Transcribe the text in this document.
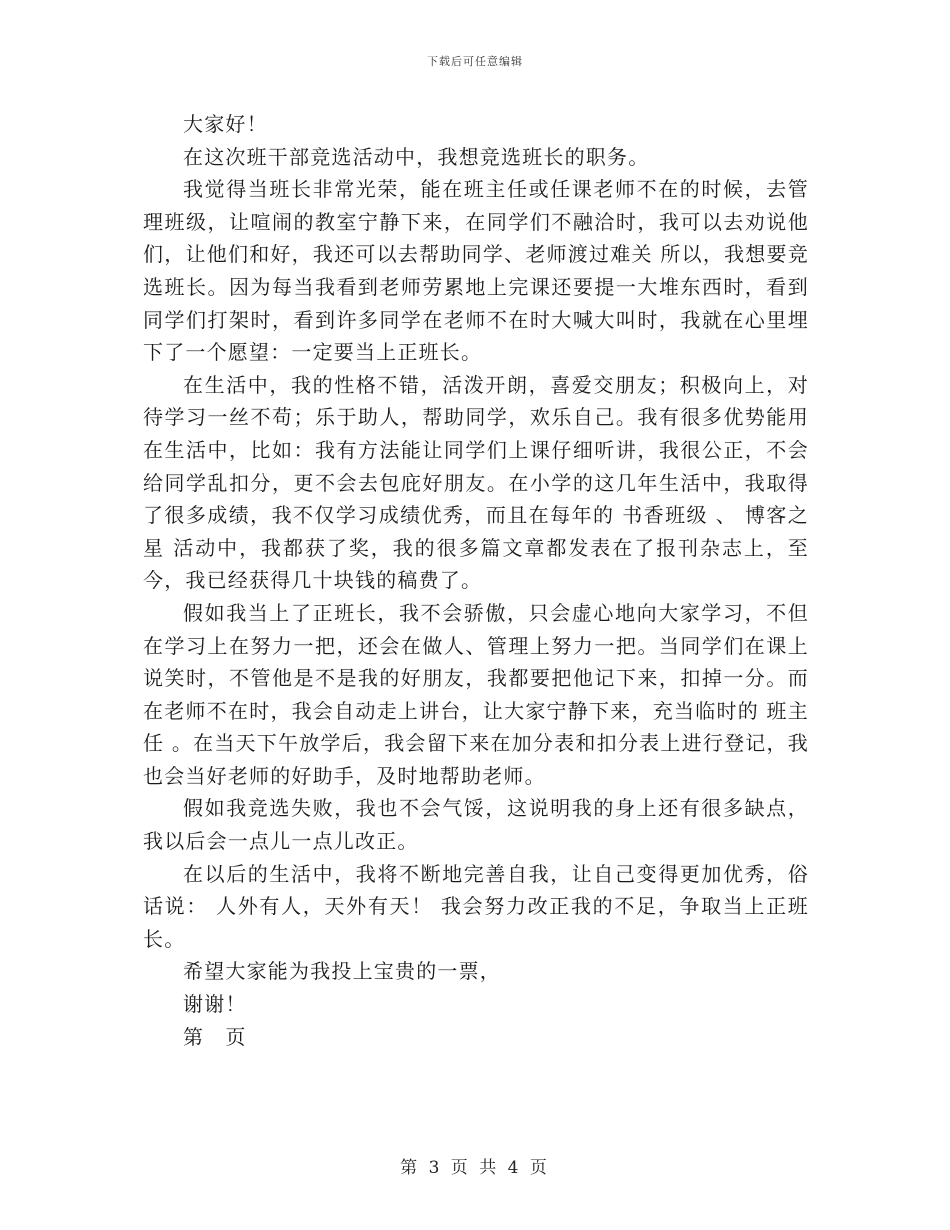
下载后可任意编辑

大家好！

在这次班干部竞选活动中，我想竞选班长的职务。

我觉得当班长非常光荣，能在班主任或任课老师不在的时候，去管理班级，让喧闹的教室宁静下来，在同学们不融洽时，我可以去劝说他们，让他们和好，我还可以去帮助同学、老师渡过难关 所以，我想要竞选班长。因为每当我看到老师劳累地上完课还要提一大堆东西时，看到同学们打架时，看到许多同学在老师不在时大喊大叫时，我就在心里埋下了一个愿望：一定要当上正班长。

在生活中，我的性格不错，活泼开朗，喜爱交朋友；积极向上，对待学习一丝不苟；乐于助人，帮助同学，欢乐自己。我有很多优势能用在生活中，比如：我有方法能让同学们上课仔细听讲，我很公正，不会给同学乱扣分，更不会去包庇好朋友。在小学的这几年生活中，我取得了很多成绩，我不仅学习成绩优秀，而且在每年的 书香班级 、 博客之星 活动中，我都获了奖，我的很多篇文章都发表在了报刊杂志上，至今，我已经获得几十块钱的稿费了。

假如我当上了正班长，我不会骄傲，只会虚心地向大家学习，不但在学习上在努力一把，还会在做人、管理上努力一把。当同学们在课上说笑时，不管他是不是我的好朋友，我都要把他记下来，扣掉一分。而在老师不在时，我会自动走上讲台，让大家宁静下来，充当临时的 班主任 。在当天下午放学后，我会留下来在加分表和扣分表上进行登记，我也会当好老师的好助手，及时地帮助老师。

假如我竞选失败，我也不会气馁，这说明我的身上还有很多缺点，我以后会一点儿一点儿改正。

在以后的生活中，我将不断地完善自我，让自己变得更加优秀，俗话说： 人外有人，天外有天！ 我会努力改正我的不足，争取当上正班长。

希望大家能为我投上宝贵的一票，

谢谢！

第　页

第 3 页 共 4 页
